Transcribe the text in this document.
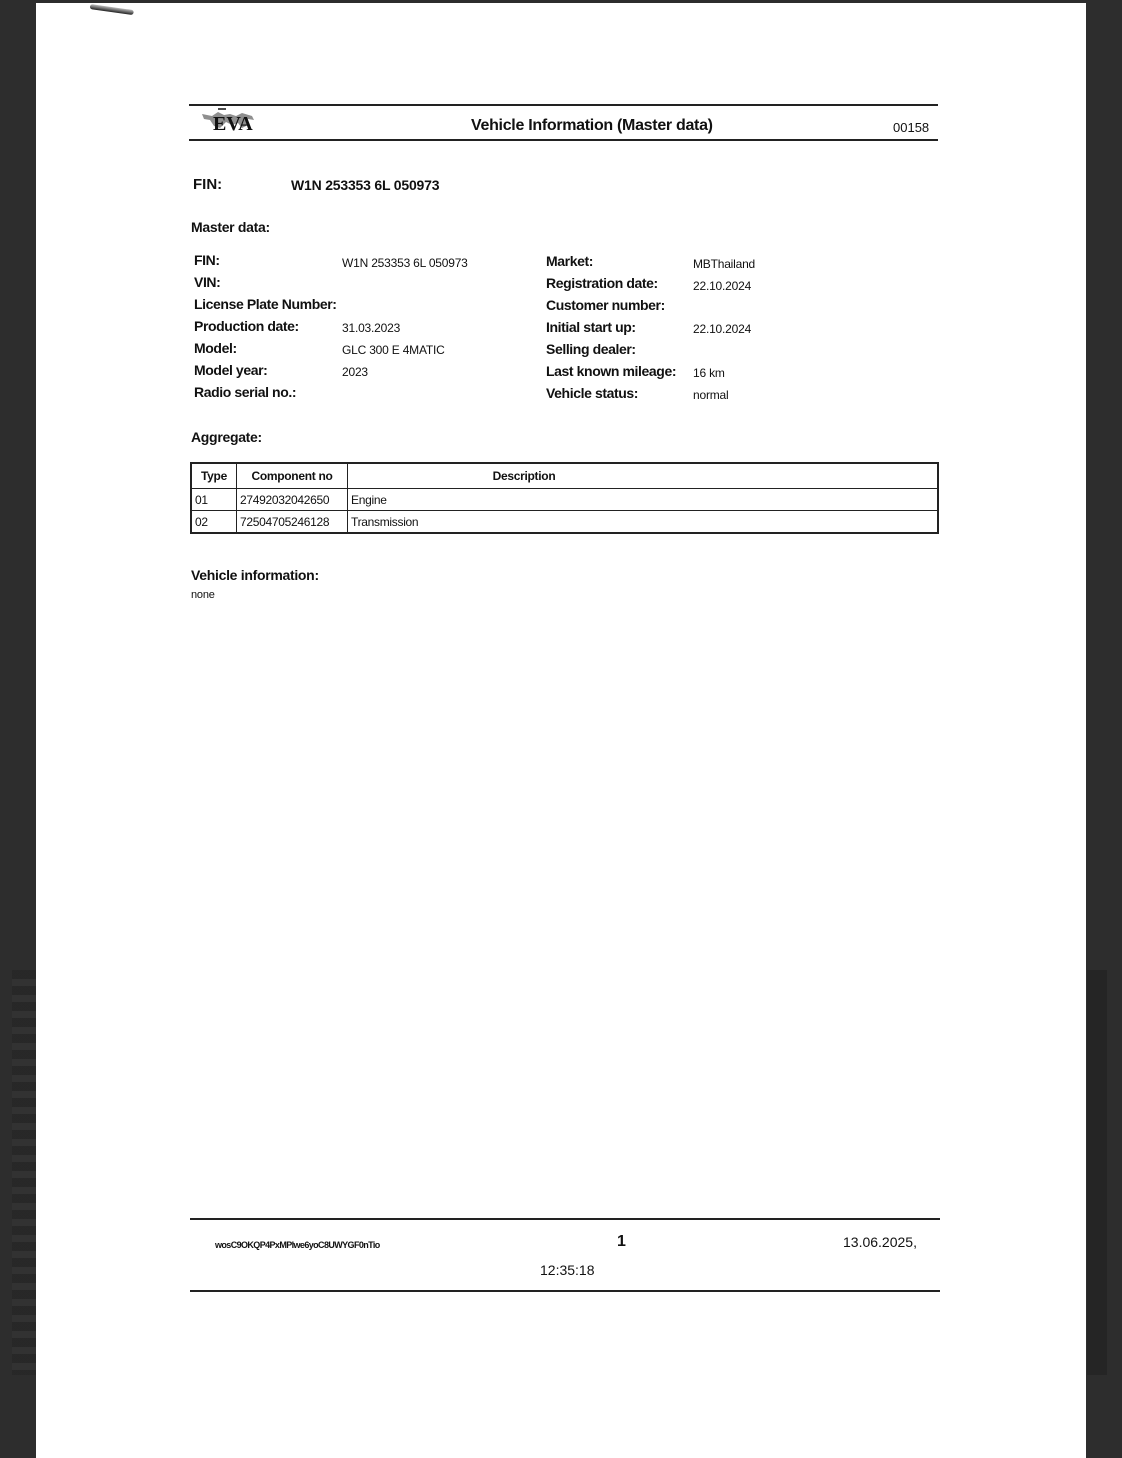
EVA	Vehicle Information (Master data)	00158
FIN:	W1N 253353 6L 050973
Master data:
FIN:	W1N 253353 6L 050973
VIN:
License Plate Number:
Production date:	31.03.2023
Model:	GLC 300 E 4MATIC
Model year:	2023
Radio serial no.:
Market:	MBThailand
Registration date:	22.10.2024
Customer number:
Initial start up:	22.10.2024
Selling dealer:
Last known mileage: 16 km
Vehicle status:	normal
Aggregate:
Type	Component no	Description
01	27492032042650	Engine
02	72504705246128	Transmission
Vehicle information:
none
wosC9OKQP4PxMPlwe6yoC8UWYGF0nTio	1	13.06.2025,
12:35:18
